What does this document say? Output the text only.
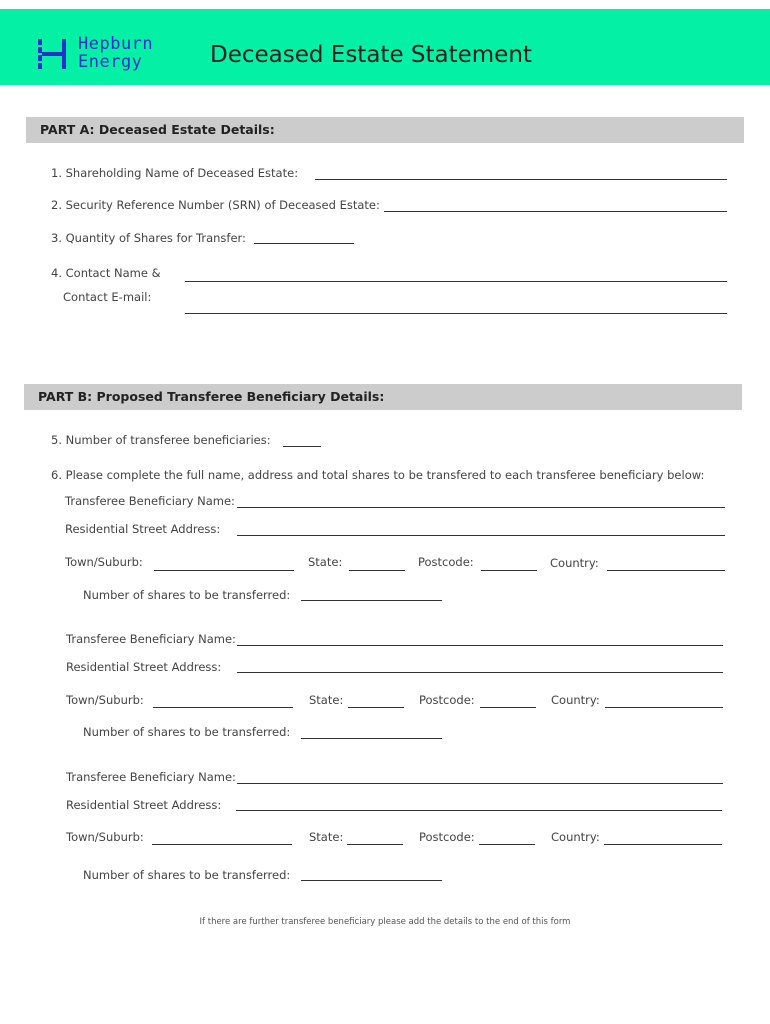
Hepburn
Energy	Deceased Estate Statement
PART A: Deceased Estate Details:
1. Shareholding Name of Deceased Estate:
2. Security Reference Number (SRN) of Deceased Estate:
3. Quantity of Shares for Transfer:
4. Contact Name &
Contact E-mail:
PART B: Proposed Transferee Beneficiary Details:
5. Number of transferee beneficiaries:
6. Please complete the full name, address and total shares to be transfered to each transferee beneficiary below:
Transferee Beneficiary Name:
Residential Street Address:
Town/Suburb:	State:	Postcode:	Country:
Number of shares to be transferred:
Transferee Beneficiary Name:
Residential Street Address:
Town/Suburb:	State:	Postcode:	Country:
Number of shares to be transferred:
Transferee Beneficiary Name:
Residential Street Address:
Town/Suburb:	State:	Postcode:	Country:
Number of shares to be transferred:
If there are further transferee beneficiary please add the details to the end of this form
